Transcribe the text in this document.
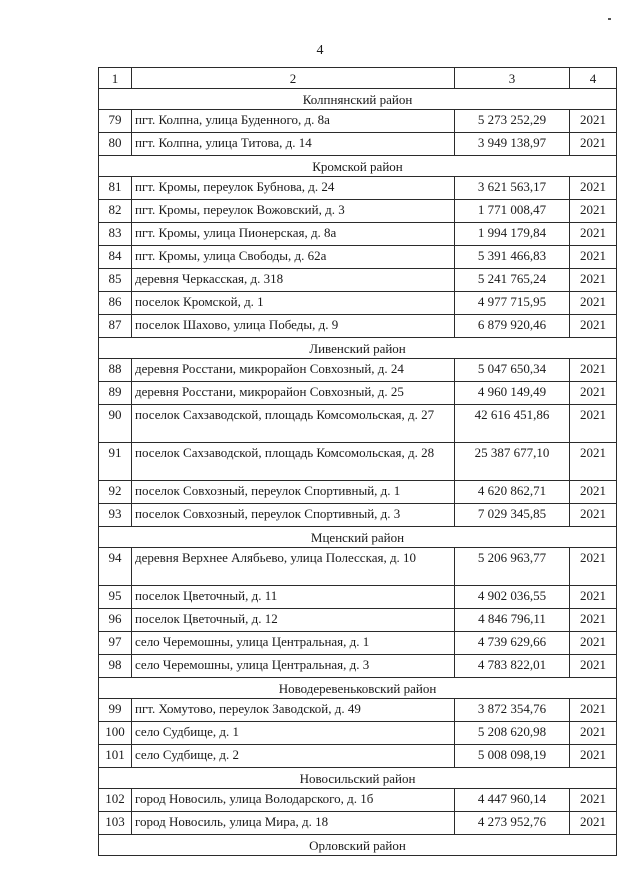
4
1	2	3	4
Колпнянский район			
79	пгт. Колпна, улица Буденного, д. 8а	5 273 252,29	2021
80	пгт. Колпна, улица Титова, д. 14	3 949 138,97	2021
Кромской район			
81	пгт. Кромы, переулок Бубнова, д. 24	3 621 563,17	2021
82	пгт. Кромы, переулок Вожовский, д. 3	1 771 008,47	2021
83	пгт. Кромы, улица Пионерская, д. 8а	1 994 179,84	2021
84	пгт. Кромы, улица Свободы, д. 62а	5 391 466,83	2021
85	деревня Черкасская, д. 318	5 241 765,24	2021
86	поселок Кромской, д. 1	4 977 715,95	2021
87	поселок Шахово, улица Победы, д. 9	6 879 920,46	2021
Ливенский район			
88	деревня Росстани, микрорайон Совхозный, д. 24	5 047 650,34	2021
89	деревня Росстани, микрорайон Совхозный, д. 25	4 960 149,49	2021
90	поселок Сахзаводской, площадь Комсомольская, д. 27	42 616 451,86	2021
91	поселок Сахзаводской, площадь Комсомольская, д. 28	25 387 677,10	2021
92	поселок Совхозный, переулок Спортивный, д. 1	4 620 862,71	2021
93	поселок Совхозный, переулок Спортивный, д. 3	7 029 345,85	2021
Мценский район			
94	деревня Верхнее Алябьево, улица Полесская, д. 10	5 206 963,77	2021
95	поселок Цветочный, д. 11	4 902 036,55	2021
96	поселок Цветочный, д. 12	4 846 796,11	2021
97	село Черемошны, улица Центральная, д. 1	4 739 629,66	2021
98	село Черемошны, улица Центральная, д. 3	4 783 822,01	2021
Новодеревеньковский район			
99	пгт. Хомутово, переулок Заводской, д. 49	3 872 354,76	2021
100	село Судбище, д. 1	5 208 620,98	2021
101	село Судбище, д. 2	5 008 098,19	2021
Новосильский район			
102	город Новосиль, улица Володарского, д. 1б	4 447 960,14	2021
103	город Новосиль, улица Мира, д. 18	4 273 952,76	2021
Орловский район			
